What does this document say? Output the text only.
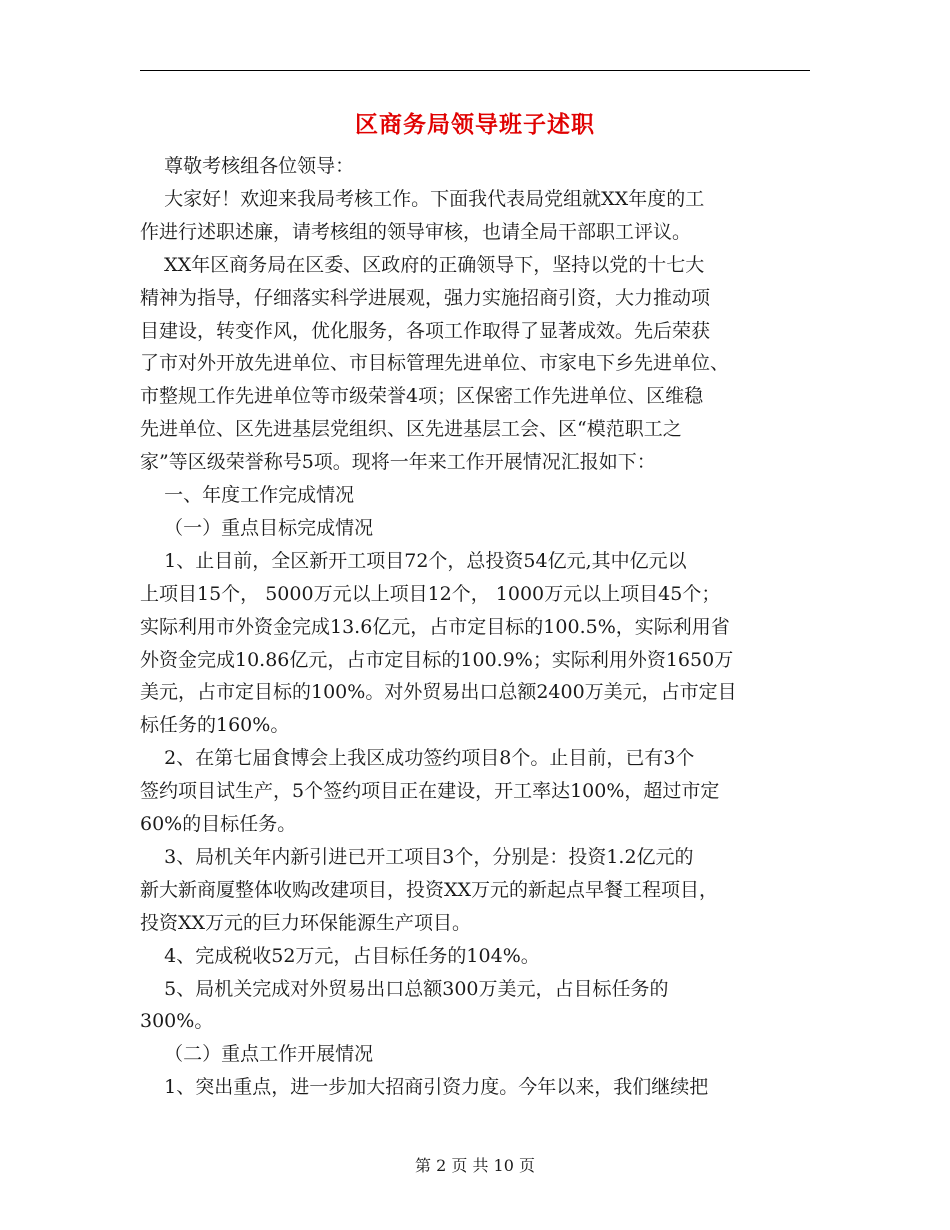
区商务局领导班子述职
尊敬考核组各位领导：
大家好！欢迎来我局考核工作。下面我代表局党组就XX年度的工
作进行述职述廉，请考核组的领导审核，也请全局干部职工评议。
XX年区商务局在区委、区政府的正确领导下，坚持以党的十七大
精神为指导，仔细落实科学进展观，强力实施招商引资，大力推动项
目建设，转变作风，优化服务，各项工作取得了显著成效。先后荣获
了市对外开放先进单位、市目标管理先进单位、市家电下乡先进单位、
市整规工作先进单位等市级荣誉4项；区保密工作先进单位、区维稳
先进单位、区先进基层党组织、区先进基层工会、区“模范职工之
家”等区级荣誉称号5项。现将一年来工作开展情况汇报如下：
一、年度工作完成情况
（一）重点目标完成情况
1、止目前，全区新开工项目72个，总投资54亿元,其中亿元以
上项目15个， 5000万元以上项目12个， 1000万元以上项目45个；
实际利用市外资金完成13.6亿元，占市定目标的100.5%，实际利用省
外资金完成10.86亿元，占市定目标的100.9%；实际利用外资1650万
美元，占市定目标的100%。对外贸易出口总额2400万美元，占市定目
标任务的160%。
2、在第七届食博会上我区成功签约项目8个。止目前，已有3个
签约项目试生产，5个签约项目正在建设，开工率达100%，超过市定
60%的目标任务。
3、局机关年内新引进已开工项目3个，分别是：投资1.2亿元的
新大新商厦整体收购改建项目，投资XX万元的新起点早餐工程项目，
投资XX万元的巨力环保能源生产项目。
4、完成税收52万元，占目标任务的104%。
5、局机关完成对外贸易出口总额300万美元，占目标任务的
300%。
（二）重点工作开展情况
1、突出重点，进一步加大招商引资力度。今年以来，我们继续把
第 2 页 共 10 页
